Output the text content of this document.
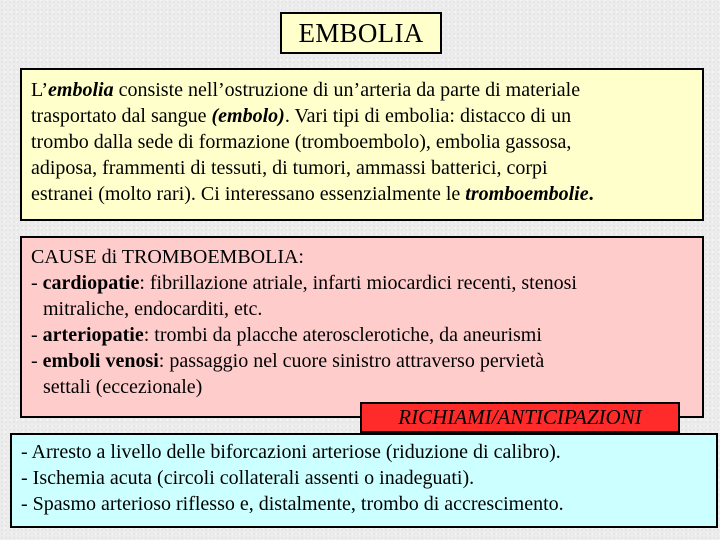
EMBOLIA
L’embolia consiste nell’ostruzione di un’arteria da parte di materiale
trasportato dal sangue (embolo). Vari tipi di embolia: distacco di un
trombo dalla sede di formazione (tromboembolo), embolia gassosa,
adiposa, frammenti di tessuti, di tumori, ammassi batterici, corpi
estranei (molto rari). Ci interessano essenzialmente le tromboembolie.
CAUSE di TROMBOEMBOLIA:
- cardiopatie: fibrillazione atriale, infarti miocardici recenti, stenosi
mitraliche, endocarditi, etc.
- arteriopatie: trombi da placche aterosclerotiche, da aneurismi
- emboli venosi: passaggio nel cuore sinistro attraverso pervietà
settali (eccezionale)
RICHIAMI/ANTICIPAZIONI
- Arresto a livello delle biforcazioni arteriose (riduzione di calibro).
- Ischemia acuta (circoli collaterali assenti o inadeguati).
- Spasmo arterioso riflesso e, distalmente, trombo di accrescimento.
